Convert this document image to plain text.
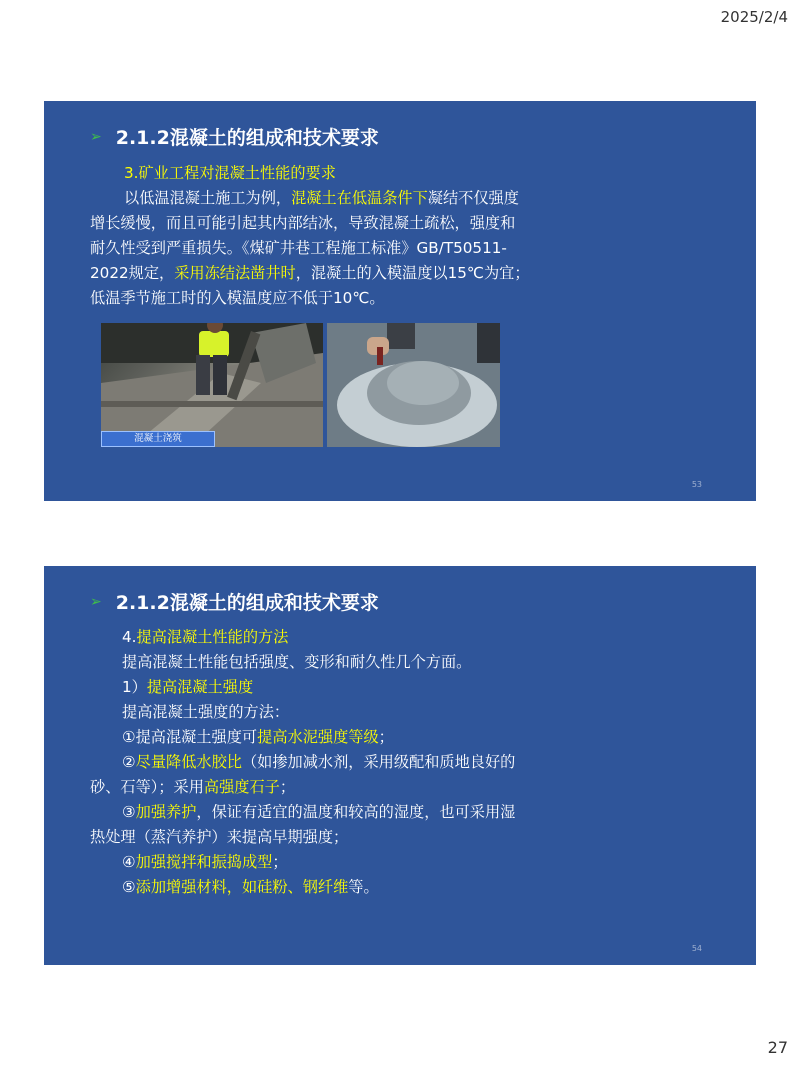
2025/2/4
➢ 2.1.2混凝土的组成和技术要求
3.矿业工程对混凝土性能的要求
以低温混凝土施工为例，混凝土在低温条件下凝结不仅强度
增长缓慢，而且可能引起其内部结冰，导致混凝土疏松，强度和
耐久性受到严重损失。《煤矿井巷工程施工标准》GB/T50511-
2022规定，采用冻结法凿井时，混凝土的入模温度以15℃为宜；
低温季节施工时的入模温度应不低于10℃。
混凝土浇筑
53
➢ 2.1.2混凝土的组成和技术要求
4.提高混凝土性能的方法
提高混凝土性能包括强度、变形和耐久性几个方面。
1）提高混凝土强度
提高混凝土强度的方法：
①提高混凝土强度可提高水泥强度等级；
②尽量降低水胶比（如掺加减水剂，采用级配和质地良好的
砂、石等）；采用高强度石子；
③加强养护，保证有适宜的温度和较高的湿度，也可采用湿
热处理（蒸汽养护）来提高早期强度；
④加强搅拌和振捣成型；
⑤添加增强材料，如硅粉、钢纤维等。
54
27
